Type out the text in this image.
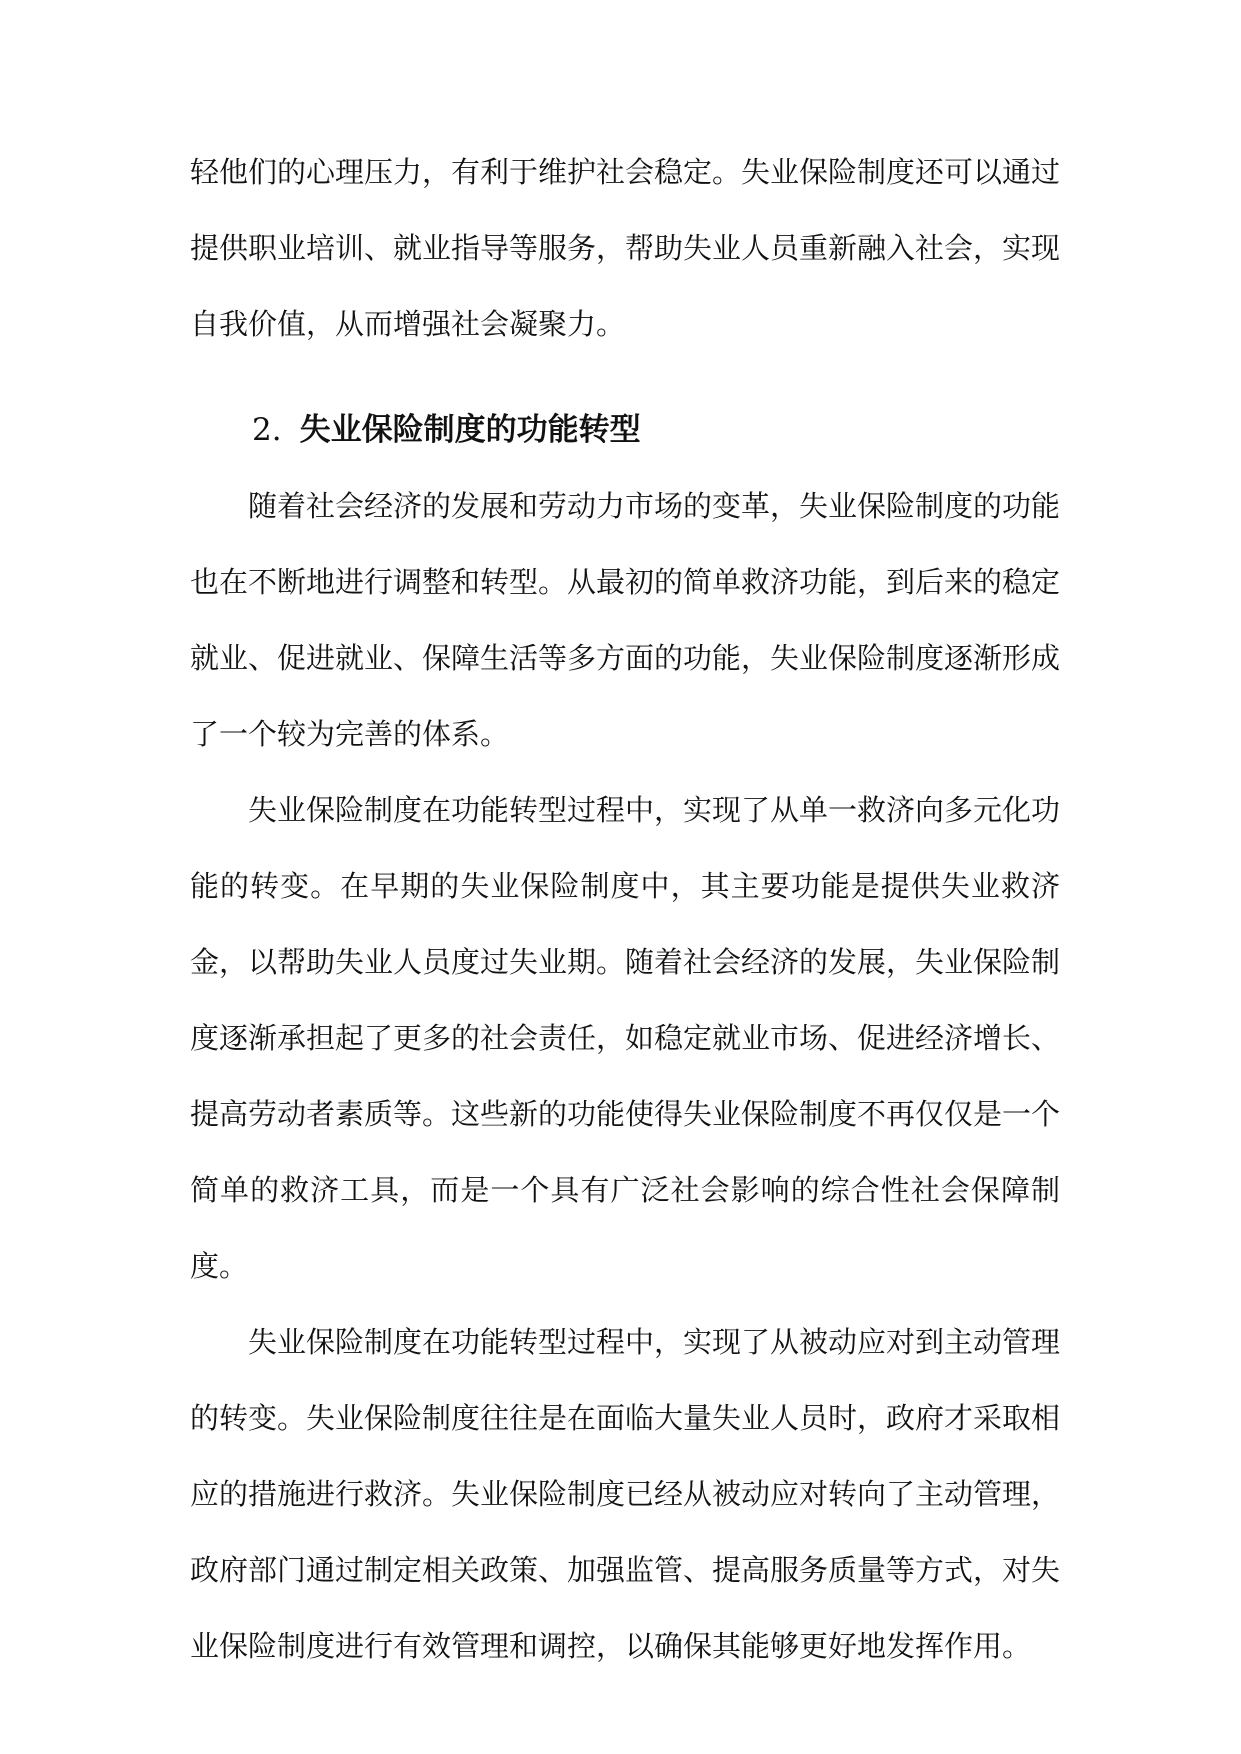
轻他们的心理压力，有利于维护社会稳定。失业保险制度还可以通过提供职业培训、就业指导等服务，帮助失业人员重新融入社会，实现自我价值，从而增强社会凝聚力。

2. 失业保险制度的功能转型

随着社会经济的发展和劳动力市场的变革，失业保险制度的功能也在不断地进行调整和转型。从最初的简单救济功能，到后来的稳定就业、促进就业、保障生活等多方面的功能，失业保险制度逐渐形成了一个较为完善的体系。

失业保险制度在功能转型过程中，实现了从单一救济向多元化功能的转变。在早期的失业保险制度中，其主要功能是提供失业救济金，以帮助失业人员度过失业期。随着社会经济的发展，失业保险制度逐渐承担起了更多的社会责任，如稳定就业市场、促进经济增长、提高劳动者素质等。这些新的功能使得失业保险制度不再仅仅是一个简单的救济工具，而是一个具有广泛社会影响的综合性社会保障制度。

失业保险制度在功能转型过程中，实现了从被动应对到主动管理的转变。失业保险制度往往是在面临大量失业人员时，政府才采取相应的措施进行救济。失业保险制度已经从被动应对转向了主动管理，政府部门通过制定相关政策、加强监管、提高服务质量等方式，对失业保险制度进行有效管理和调控，以确保其能够更好地发挥作用。
